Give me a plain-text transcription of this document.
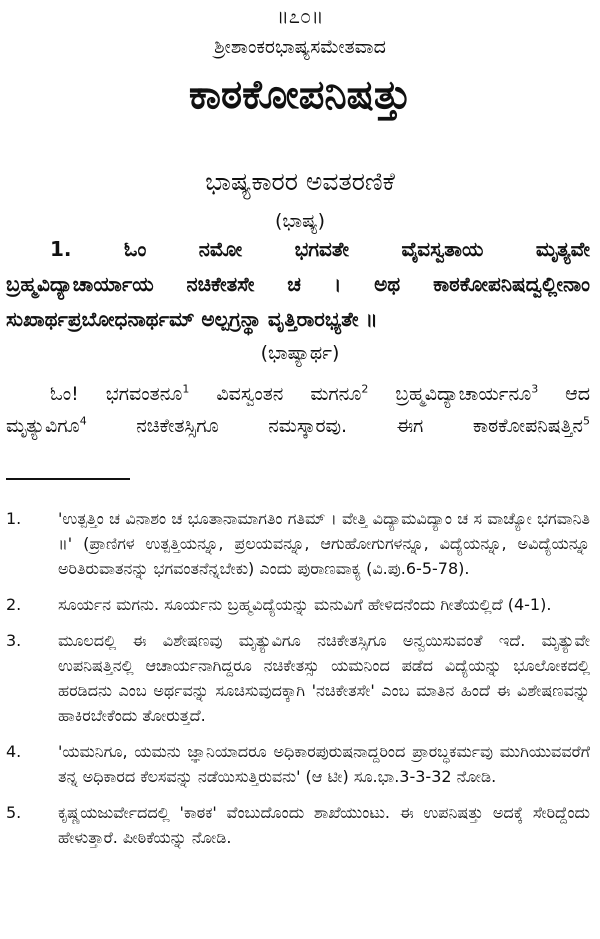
॥೭೦॥
ಶ್ರೀಶಾಂಕರಭಾಷ್ಯಸಮೇತವಾದ
ಕಾಠಕೋಪನಿಷತ್ತು
ಭಾಷ್ಯಕಾರರ ಅವತರಣಿಕೆ
(ಭಾಷ್ಯ)

1. ಓಂ ನಮೋ ಭಗವತೇ ವೈವಸ್ವತಾಯ ಮೃತ್ಯವೇ

ಬ್ರಹ್ಮವಿದ್ಯಾಚಾರ್ಯಾಯ ನಚಿಕೇತಸೇ ಚ । ಅಥ ಕಾಠಕೋಪನಿಷದ್ವಲ್ಲೀನಾಂ

ಸುಖಾರ್ಥಪ್ರಬೋಧನಾರ್ಥಮ್ ಅಲ್ಪಗ್ರನ್ಥಾ ವೃತ್ತಿರಾರಭ್ಯತೇ ॥

(ಭಾಷ್ಯಾರ್ಥ)

ಓಂ! ಭಗವಂತನೂ$^1$ ವಿವಸ್ವಂತನ ಮಗನೂ$^2$ ಬ್ರಹ್ಮವಿದ್ಯಾಚಾರ್ಯನೂ$^3$ ಆದ

ಮೃತ್ಯುವಿಗೂ$^4$ ನಚಿಕೇತಸ್ಸಿಗೂ ನಮಸ್ಕಾರವು. ಈಗ ಕಾಠಕೋಪನಿಷತ್ತಿನ$^5$

1.	'ಉತ್ಪತ್ತಿಂ ಚ ವಿನಾಶಂ ಚ ಭೂತಾನಾಮಾಗತಿಂ ಗತಿಮ್ । ವೇತ್ತಿ ವಿದ್ಯಾಮವಿದ್ಯಾಂ ಚ ಸ ವಾಚ್ಯೋ ಭಗವಾನಿತಿ ॥' (ಪ್ರಾಣಿಗಳ ಉತ್ಪತ್ತಿಯನ್ನೂ, ಪ್ರಲಯವನ್ನೂ, ಆಗುಹೋಗುಗಳನ್ನೂ, ವಿದ್ಯೆಯನ್ನೂ, ಅವಿದ್ಯೆಯನ್ನೂ ಅರಿತಿರುವಾತನನ್ನು ಭಗವಂತನೆನ್ನಬೇಕು) ಎಂದು ಪುರಾಣವಾಕ್ಯ (ವಿ.ಪು.6-5-78).
2.	ಸೂರ್ಯನ ಮಗನು. ಸೂರ್ಯನು ಬ್ರಹ್ಮವಿದ್ಯೆಯನ್ನು ಮನುವಿಗೆ ಹೇಳಿದನೆಂದು ಗೀತೆಯಲ್ಲಿದೆ (4-1).
3.	ಮೂಲದಲ್ಲಿ ಈ ವಿಶೇಷಣವು ಮೃತ್ಯುವಿಗೂ ನಚಿಕೇತಸ್ಸಿಗೂ ಅನ್ವಯಿಸುವಂತೆ ಇದೆ. ಮೃತ್ಯುವೇ ಉಪನಿಷತ್ತಿನಲ್ಲಿ ಆಚಾರ್ಯನಾಗಿದ್ದರೂ ನಚಿಕೇತಸ್ಸು ಯಮನಿಂದ ಪಡೆದ ವಿದ್ಯೆಯನ್ನು ಭೂಲೋಕದಲ್ಲಿ ಹರಡಿದನು ಎಂಬ ಅರ್ಥವನ್ನು ಸೂಚಿಸುವುದಕ್ಕಾಗಿ 'ನಚಿಕೇತಸೇ' ಎಂಬ ಮಾತಿನ ಹಿಂದೆ ಈ ವಿಶೇಷಣವನ್ನು ಹಾಕಿರಬೇಕೆಂದು ತೋರುತ್ತದೆ.
4.	'ಯಮನಿಗೂ, ಯಮನು ಜ್ಞಾನಿಯಾದರೂ ಅಧಿಕಾರಪುರುಷನಾದ್ದರಿಂದ ಪ್ರಾರಬ್ಧಕರ್ಮವು ಮುಗಿಯುವವರೆಗೆ ತನ್ನ ಅಧಿಕಾರದ ಕೆಲಸವನ್ನು ನಡೆಯಿಸುತ್ತಿರುವನು' (ಆ ಟೀ) ಸೂ.ಭಾ.3-3-32 ನೋಡಿ.
5.	ಕೃಷ್ಣಯಜುರ್ವೇದದಲ್ಲಿ 'ಕಾಠಕ' ವೆಂಬುದೊಂದು ಶಾಖೆಯುಂಟು. ಈ ಉಪನಿಷತ್ತು ಅದಕ್ಕೆ ಸೇರಿದ್ದೆಂದು ಹೇಳುತ್ತಾರೆ. ಪೀಠಿಕೆಯನ್ನು ನೋಡಿ.
